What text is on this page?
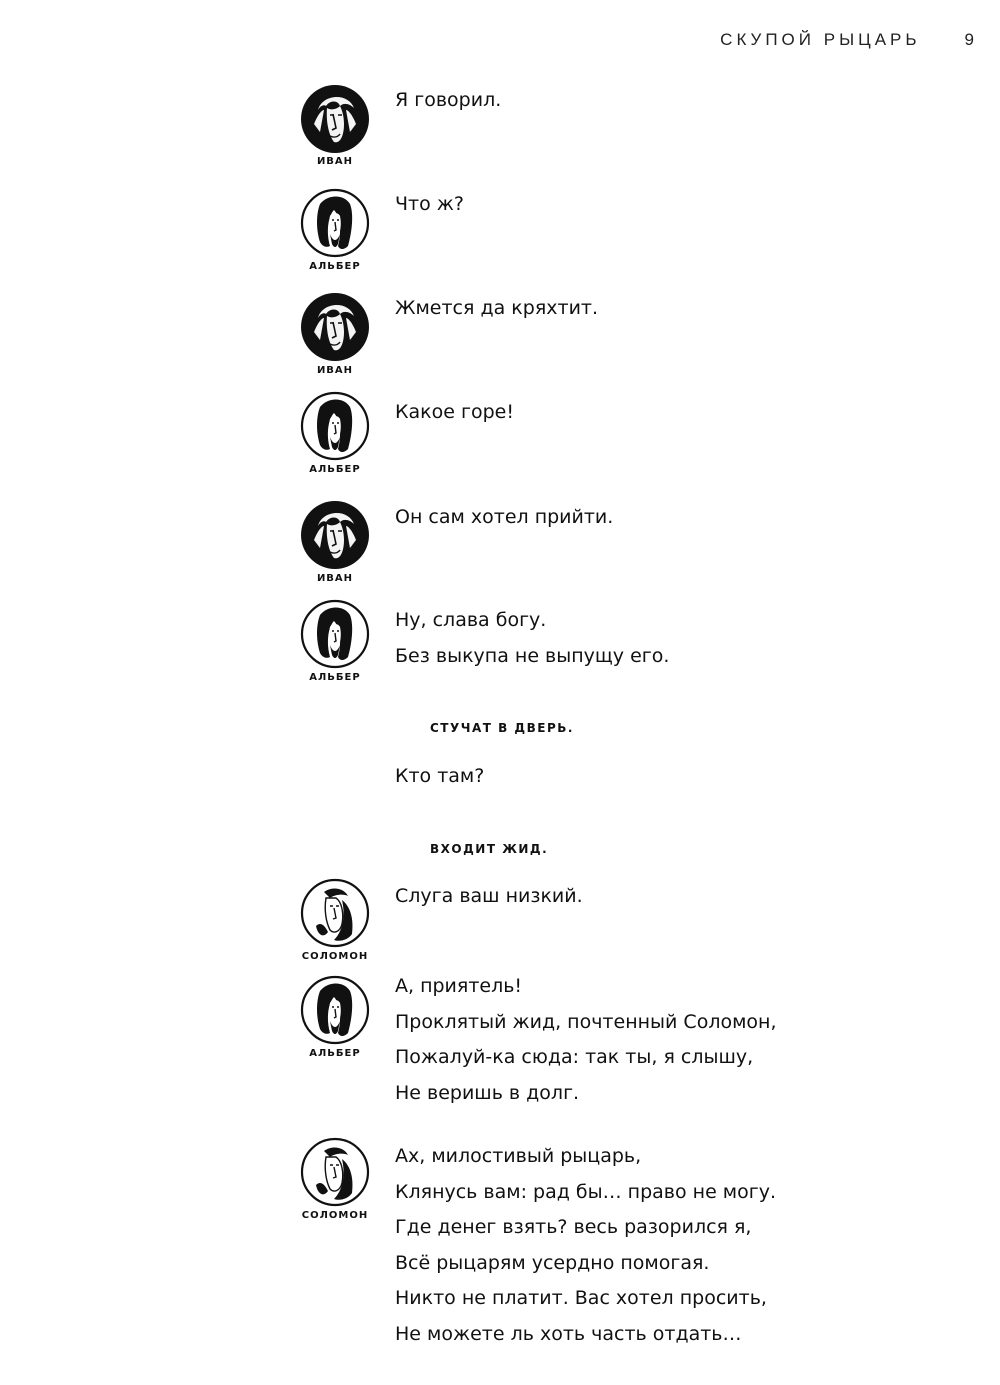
СКУПОЙ РЫЦАРЬ	9
ИВАН
Я говорил.
АЛЬБЕР
Что ж?
ИВАН
Жмется да кряхтит.
АЛЬБЕР
Какое горе!
ИВАН
Он сам хотел прийти.
АЛЬБЕР
Ну, слава богу.
Без выкупа не выпущу его.
СТУЧАТ В ДВЕРЬ.
Кто там?
ВХОДИТ ЖИД.
СОЛОМОН
Слуга ваш низкий.
АЛЬБЕР
А, приятель!
Проклятый жид, почтенный Соломон,
Пожалуй-ка сюда: так ты, я слышу,
Не веришь в долг.
СОЛОМОН
Ах, милостивый рыцарь,
Клянусь вам: рад бы… право не могу.
Где денег взять? весь разорился я,
Всё рыцарям усердно помогая.
Никто не платит. Вас хотел просить,
Не можете ль хоть часть отдать…
